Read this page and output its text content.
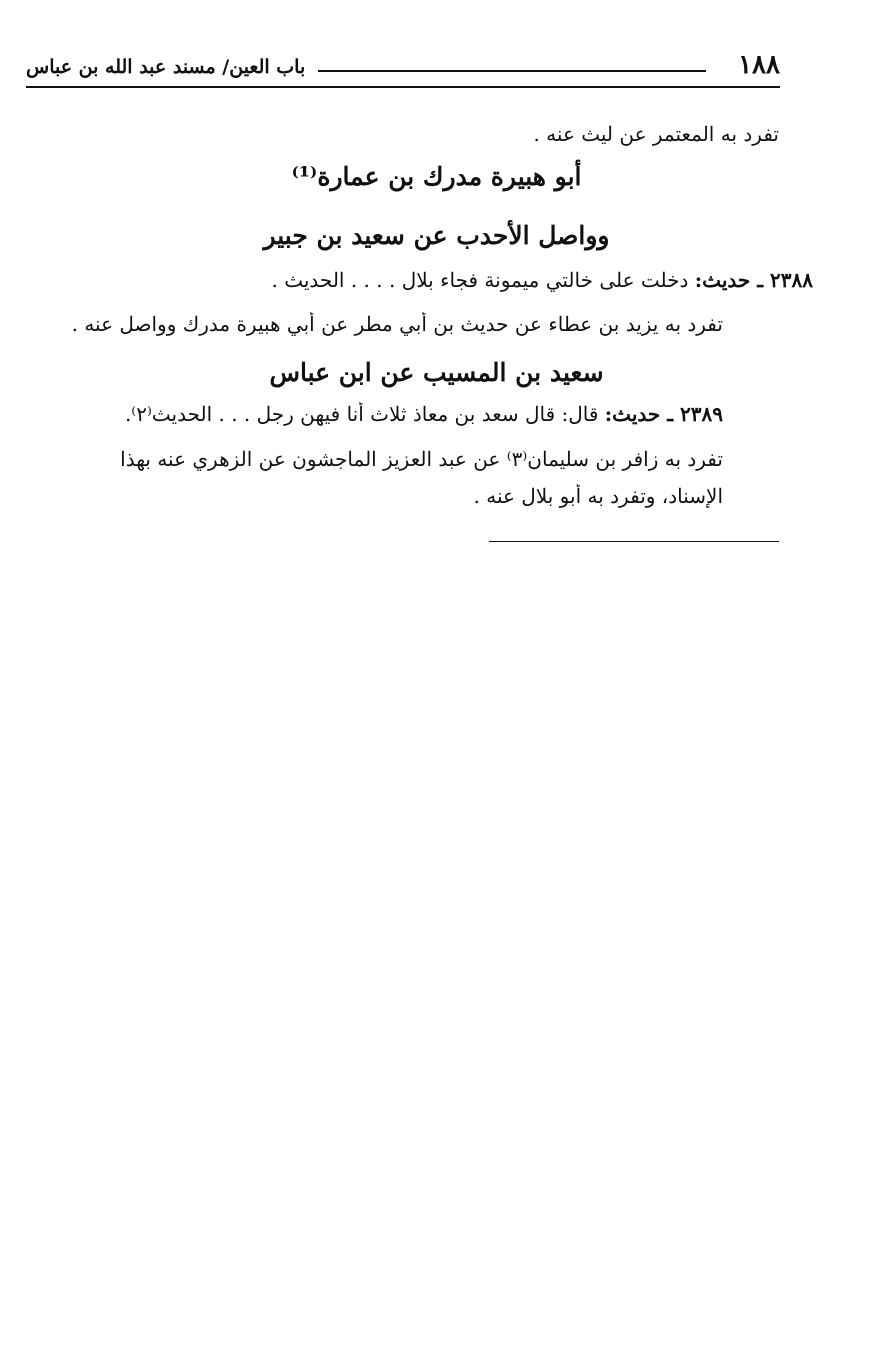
١٨٨
باب العين/ مسند عبد الله بن عباس
تفرد به المعتمر عن ليث عنه .
أبو هبيرة مدرك بن عمارة⁽¹⁾
وواصل الأحدب عن سعيد بن جبير
٢٣٨٨ ـ حديث: دخلت على خالتي ميمونة فجاء بلال . . . . الحديث .
تفرد به يزيد بن عطاء عن حديث بن أبي مطر عن أبي هبيرة مدرك وواصل عنه .
سعيد بن المسيب عن ابن عباس
٢٣٨٩ ـ حديث: قال: قال سعد بن معاذ ثلاث أنا فيهن رجل . . . الحديث⁽٢⁾.
تفرد به زافر بن سليمان⁽٣⁾ عن عبد العزيز الماجشون عن الزهري عنه بهذا
الإسناد، وتفرد به أبو بلال عنه .
